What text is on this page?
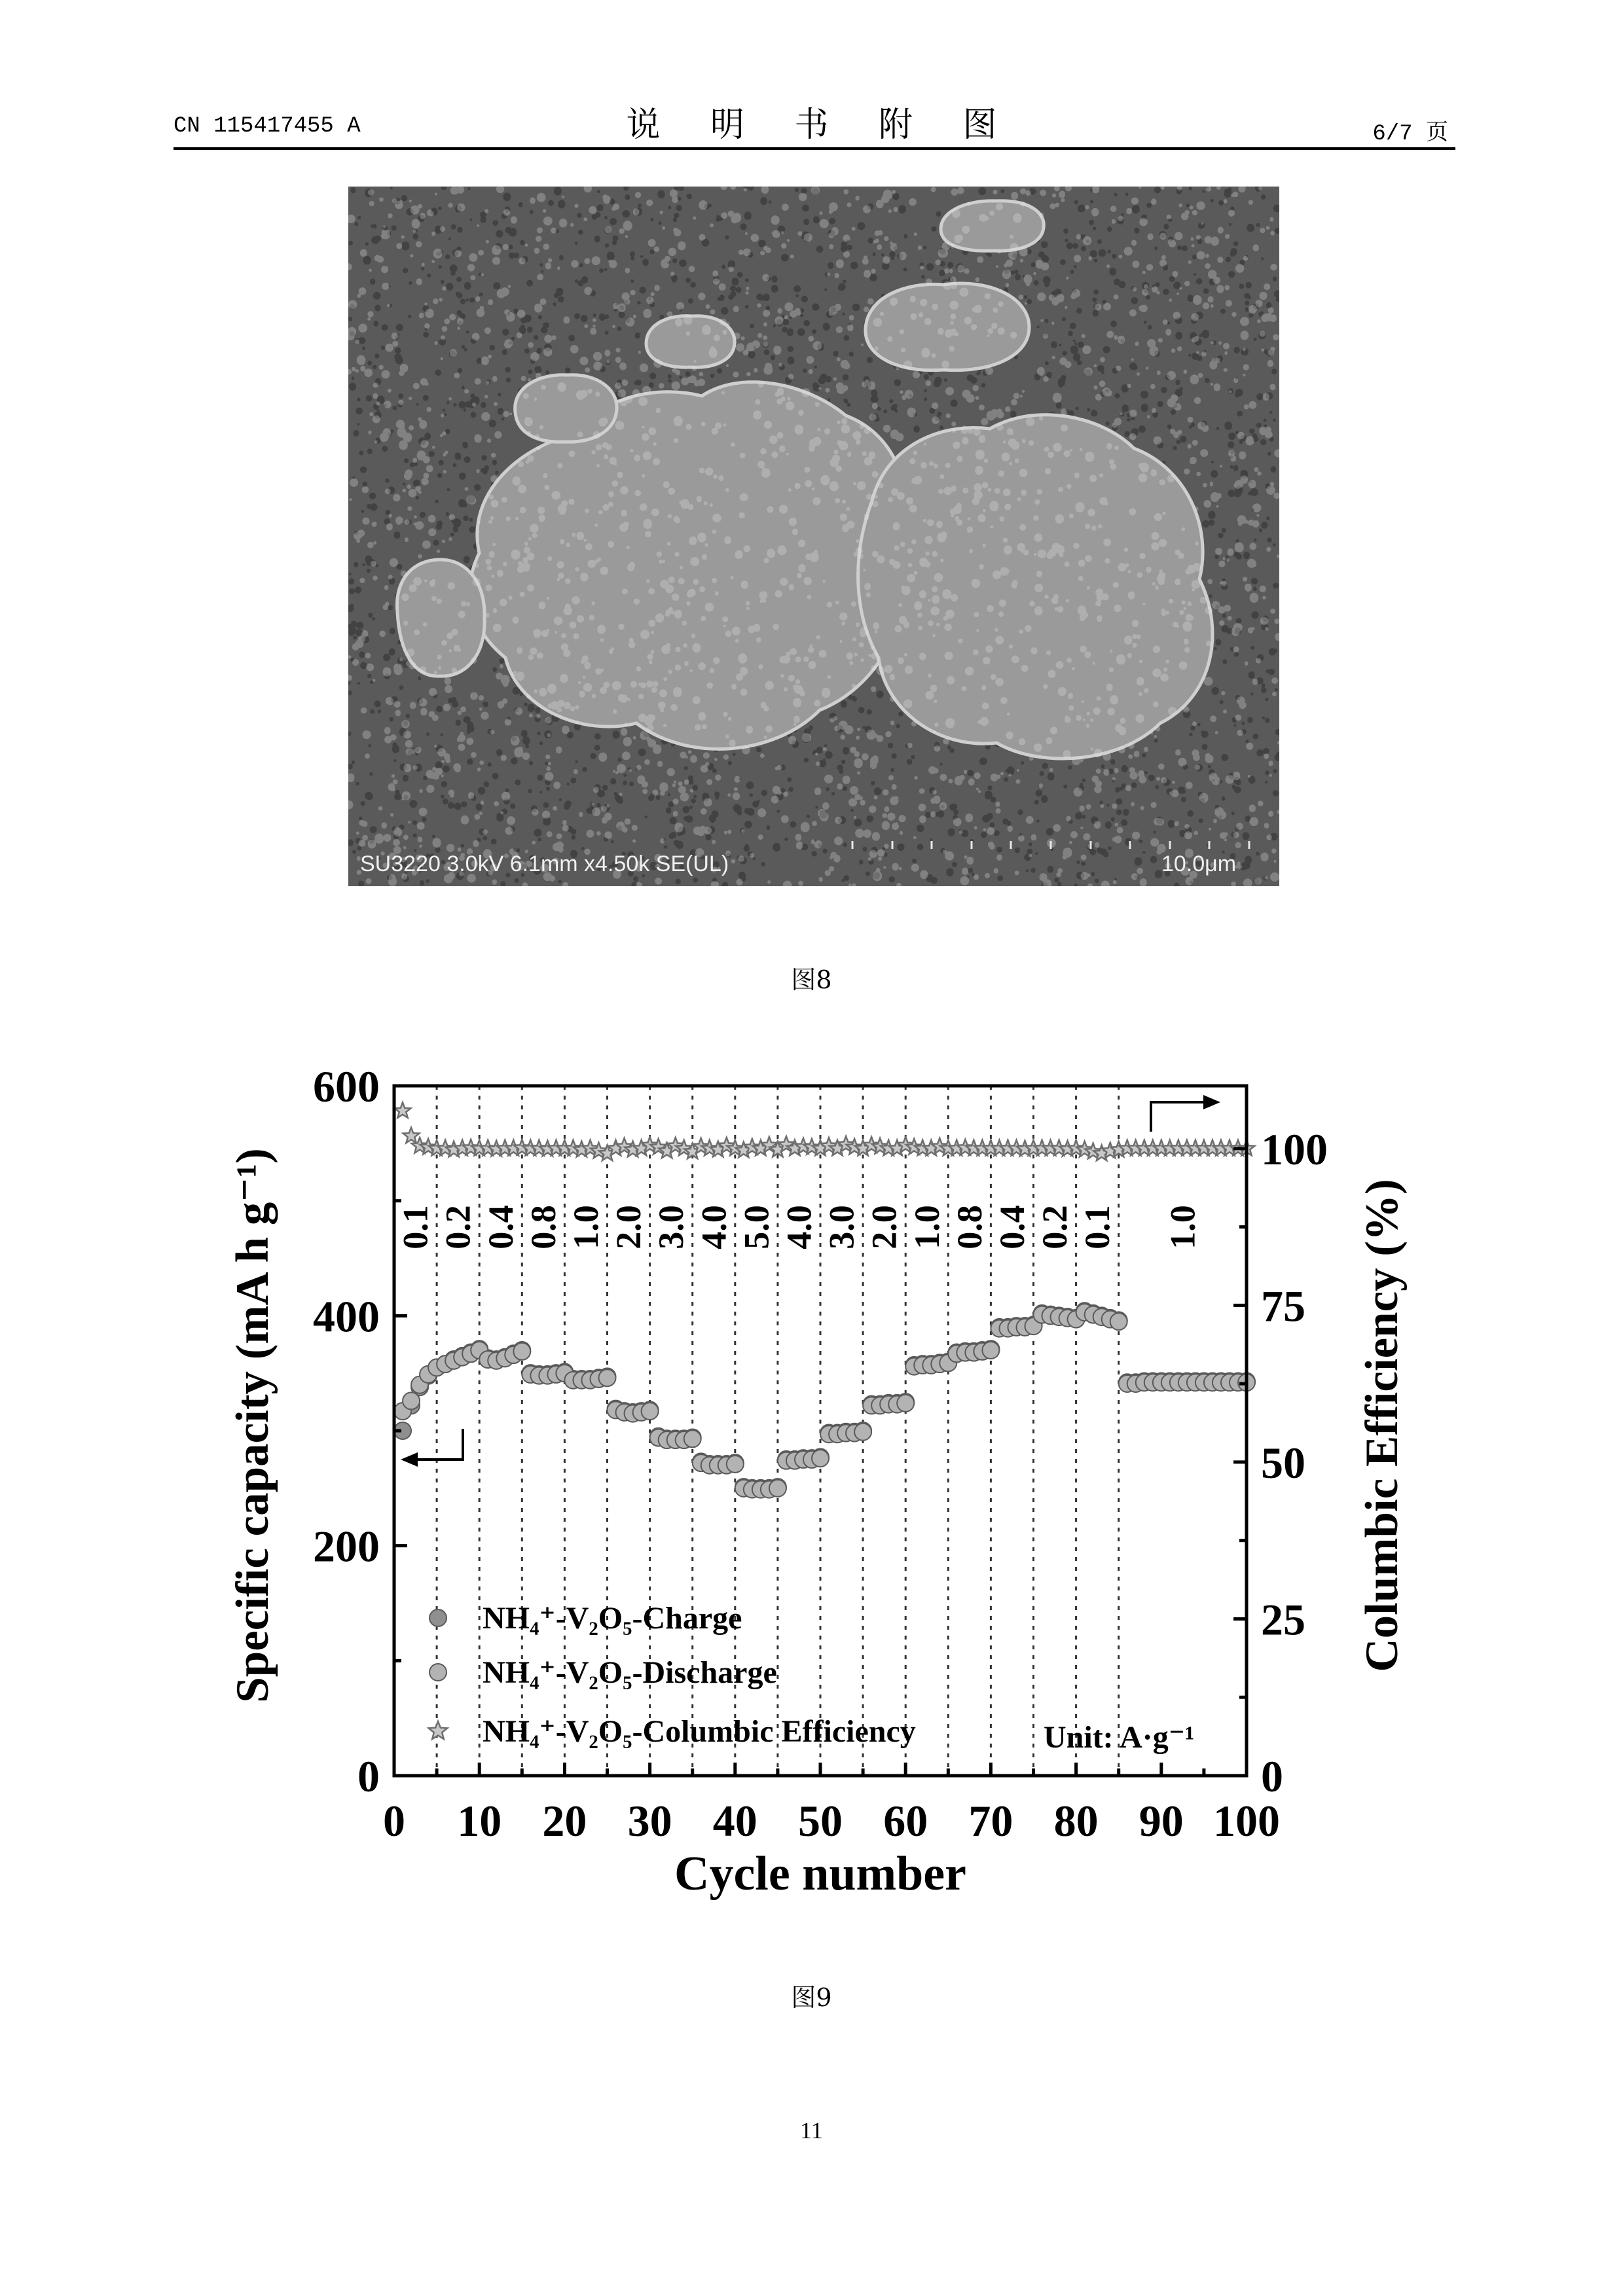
CN 115417455 A	说 明 书 附 图	6/7 页
SU3220 3.0kV 6.1mm x4.50k SE(UL)	10.0μm
图8
0.1 0.2 0.4 0.8 1.0 2.0 3.0 4.0 5.0 4.0 3.0 2.0 1.0 0.8 0.4 0.2 0.1 1.0
0
200
400
600
0
25
50
75
100
0 10 20 30 40 50 60 70 80 90 100
NH₄⁺-V₂O₅-Charge
NH₄⁺-V₂O₅-Discharge
NH₄⁺-V₂O₅-Columbic Efficiency	Unit: A·g⁻¹
Cycle number
Specific capacity (mA h g⁻¹)	Columbic Efficiency (%)
图9
11
